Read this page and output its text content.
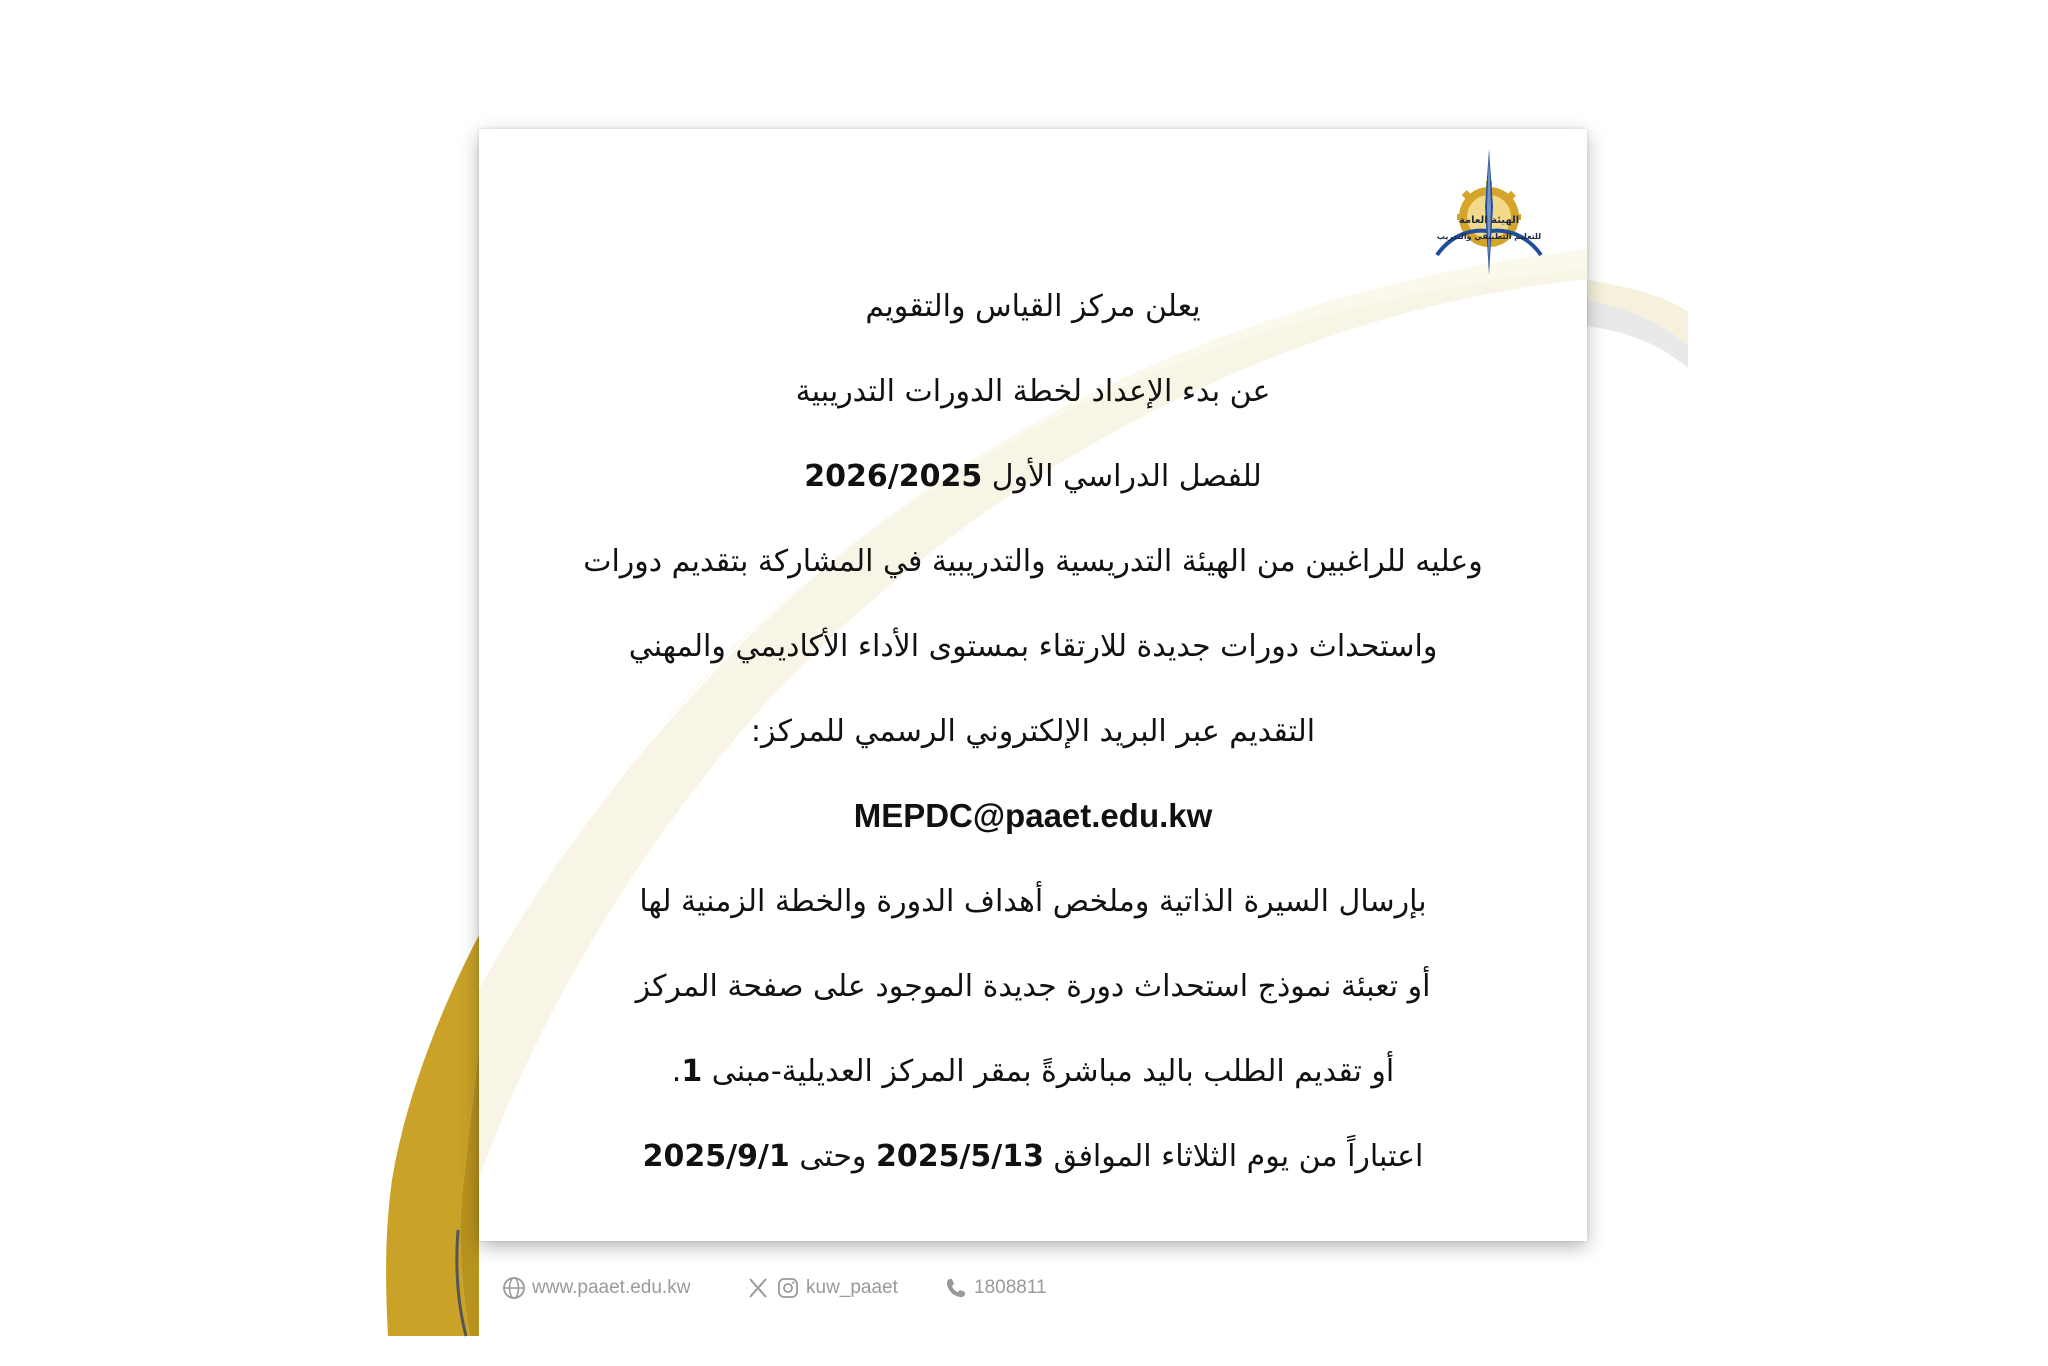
الهيئة العامة
للتعليم التطبيقي والتدريب
يعلن مركز القياس والتقويم
عن بدء الإعداد لخطة الدورات التدريبية
للفصل الدراسي الأول 2026/2025
وعليه للراغبين من الهيئة التدريسية والتدريبية في المشاركة بتقديم دورات
واستحداث دورات جديدة للارتقاء بمستوى الأداء الأكاديمي والمهني
التقديم عبر البريد الإلكتروني الرسمي للمركز:
MEPDC@paaet.edu.kw
بإرسال السيرة الذاتية وملخص أهداف الدورة والخطة الزمنية لها
أو تعبئة نموذج استحداث دورة جديدة الموجود على صفحة المركز
أو تقديم الطلب باليد مباشرةً بمقر المركز العديلية-مبنى 1.
اعتباراً من يوم الثلاثاء الموافق 2025/5/13 وحتى 2025/9/1
www.paaet.edu.kw	kuw_paaet	1808811
